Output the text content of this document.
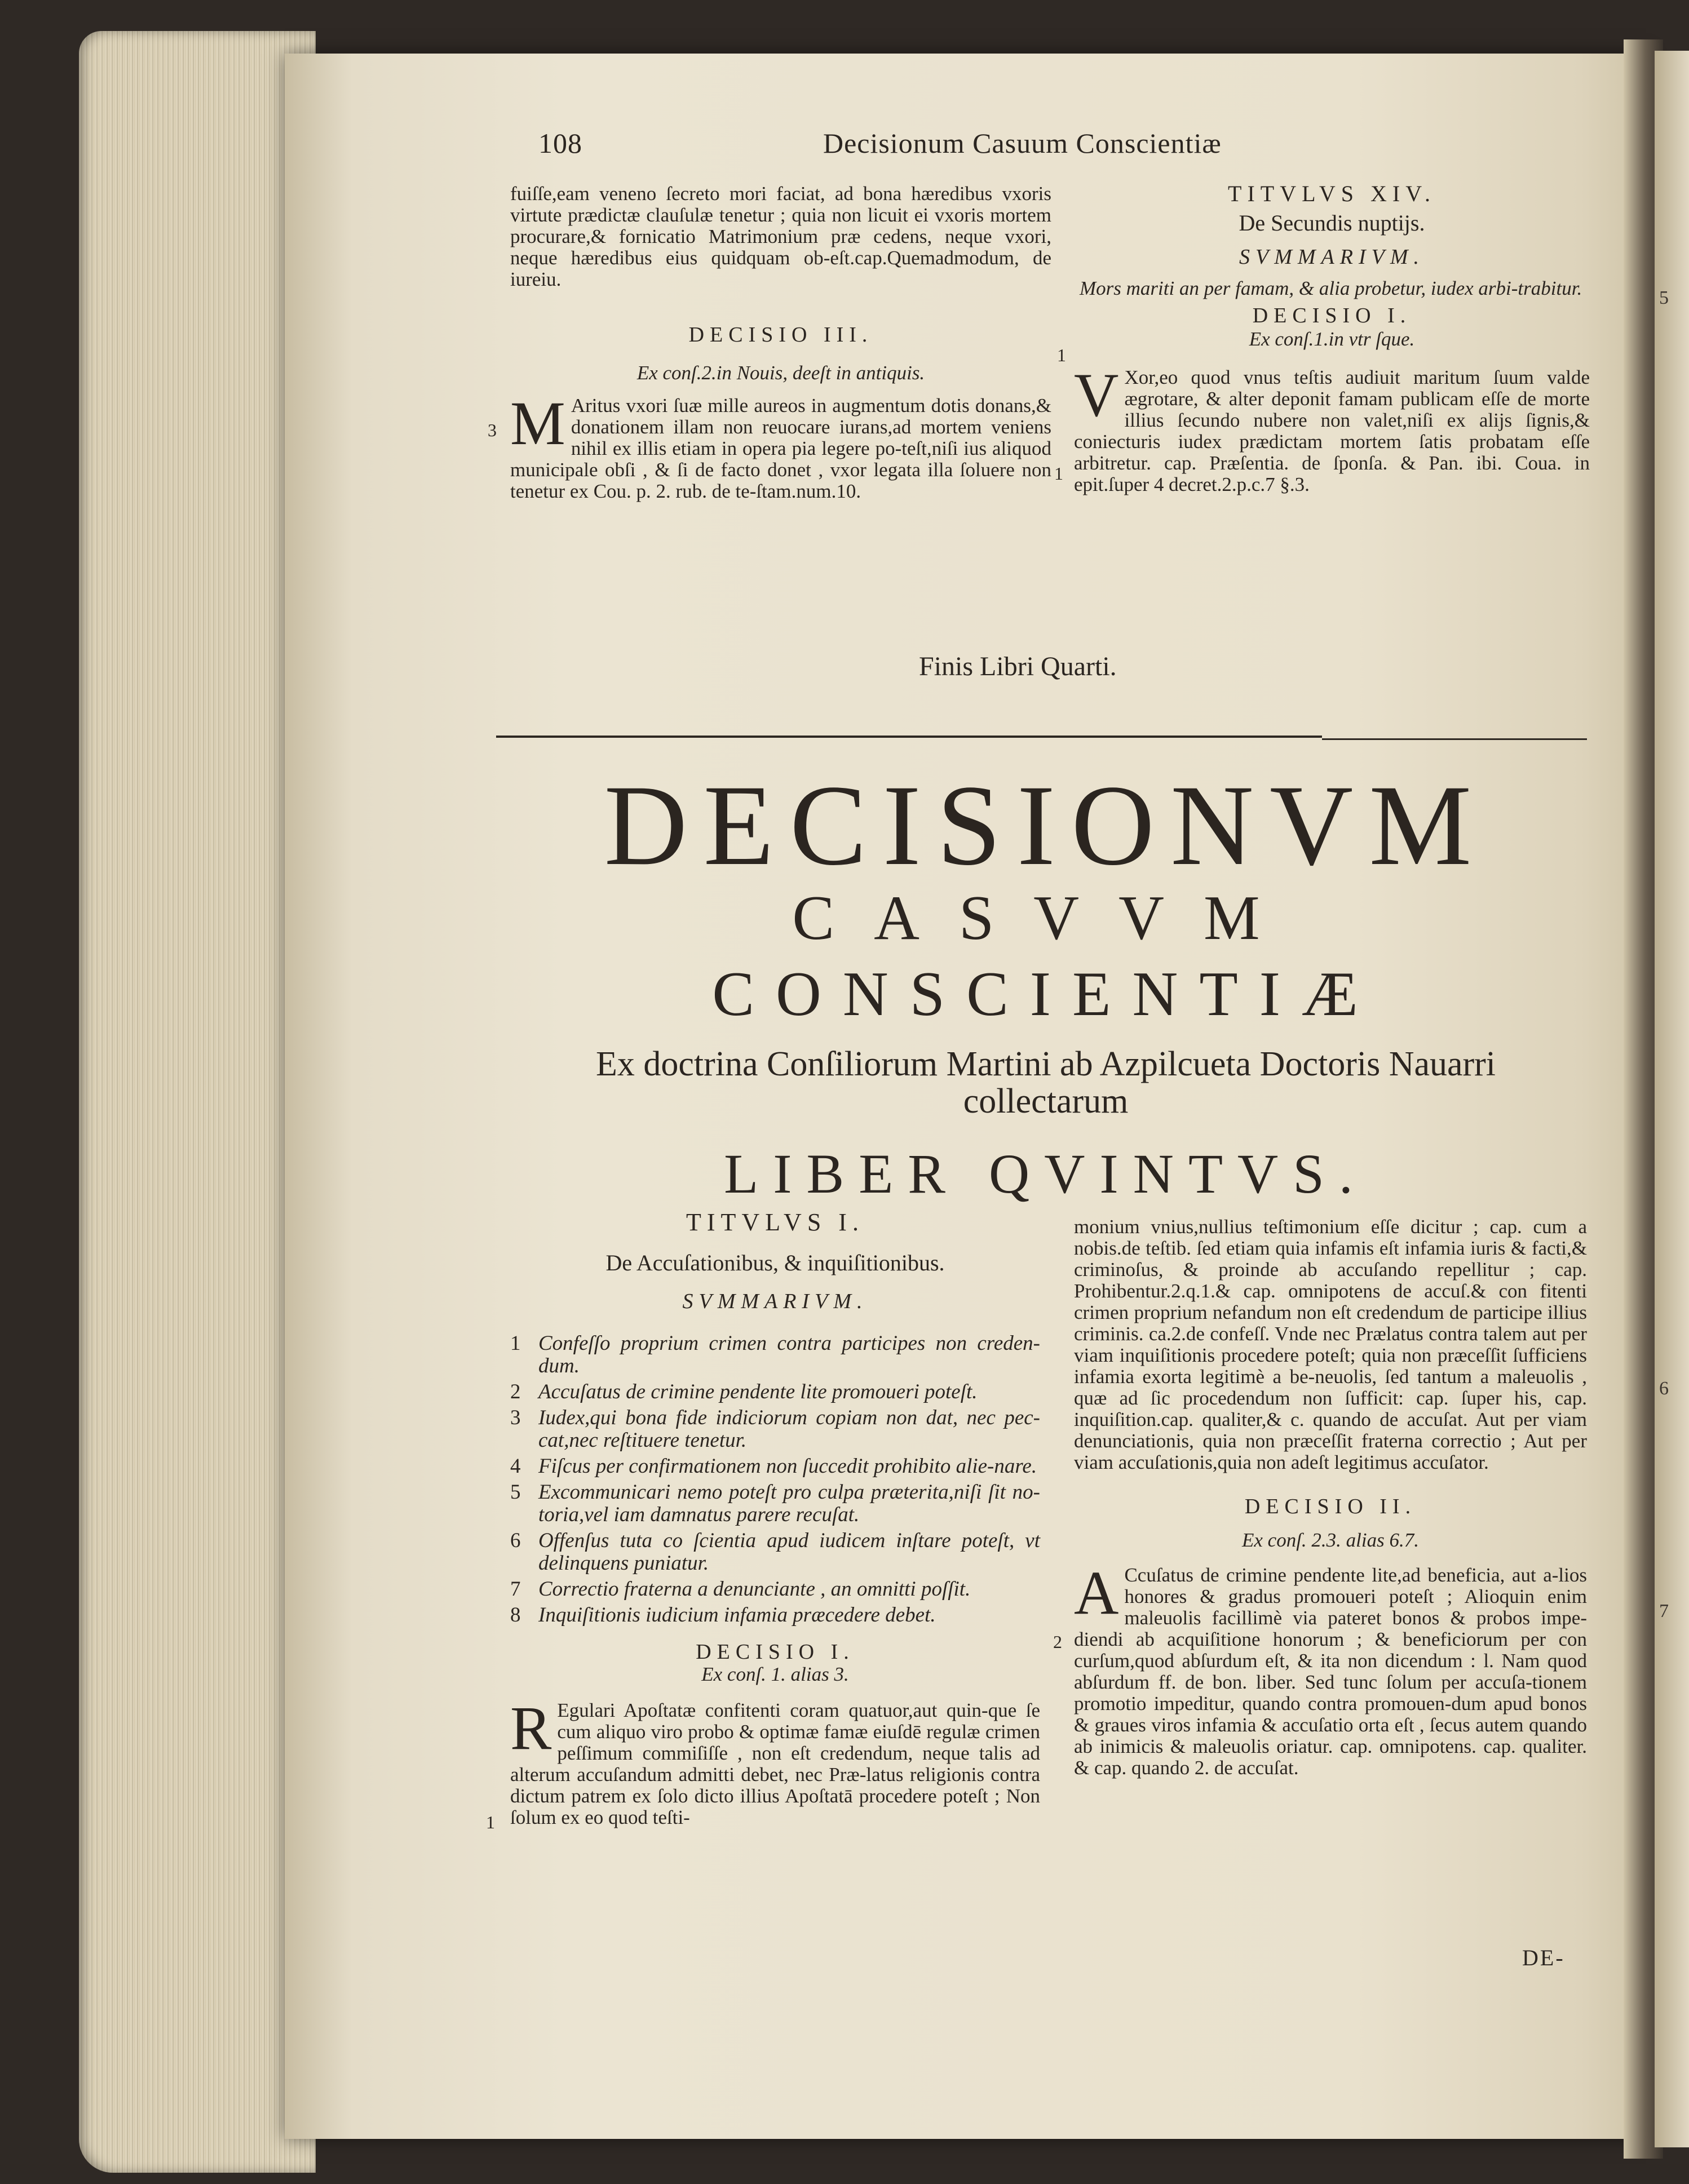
5
6
7
108	Decisionum Casuum Conscientiæ

fuiſſe,eam veneno ſecreto mori faciat, ad bona hæredibus vxoris virtute prædictæ clauſulæ tenetur ; quia non licuit ei vxoris mortem procurare,& fornicatio Matrimonium præ cedens, neque vxori, neque hæredibus eius quidquam ob-eſt.cap.Quemadmodum, de iureiu.

DECISIO III.

Ex conſ.2.in Nouis, deeſt in antiquis.

M Aritus vxori ſuæ mille aureos in augmentum dotis donans,& donationem illam non reuocare iurans,ad mortem veniens nihil ex illis etiam in opera pia legere po-teſt,niſi ius aliquod municipale obſi , & ſi de facto donet , vxor legata illa ſoluere non tenetur ex Cou. p. 2. rub. de te-ſtam.num.10.

3

TITVLVS XIV.

De Secundis nuptijs.

SVMMARIVM.

Mors mariti an per famam, & alia probetur, iudex arbi-trabitur.

DECISIO I.

Ex conſ.1.in vtr ſque.

V Xor,eo quod vnus teſtis audiuit maritum ſuum valde ægrotare, & alter deponit famam publicam eſſe de morte illius ſecundo nubere non valet,niſi ex alijs ſignis,& coniecturis iudex prædictam mortem ſatis probatam eſſe arbitretur. cap. Præſentia. de ſponſa. & Pan. ibi. Coua. in epit.ſuper 4 decret.2.p.c.7 §.3.

1
1
Finis Libri Quarti.
DECISIONVM
CASVVM
CONSCIENTIÆ
Ex doctrina Conſiliorum Martini ab Azpilcueta Doctoris Nauarri
collectarum
LIBER QVINTVS.

TITVLVS I.

De Accuſationibus, & inquiſitionibus.

SVMMARIVM.

1 Confeſſo proprium crimen contra participes non creden-dum.
2 Accuſatus de crimine pendente lite promoueri poteſt.
3 Iudex,qui bona fide indiciorum copiam non dat, nec pec-cat,nec reſtituere tenetur.
4 Fiſcus per confirmationem non ſuccedit prohibito alie-nare.
5 Excommunicari nemo poteſt pro culpa præterita,niſi ſit no-toria,vel iam damnatus parere recuſat.
6 Offenſus tuta co ſcientia apud iudicem inſtare poteſt, vt delinquens puniatur.
7 Correctio fraterna a denunciante , an omnitti poſſit.
8 Inquiſitionis iudicium infamia præcedere debet.

DECISIO I.

Ex conſ. 1. alias 3.

R Egulari Apoſtatæ confitenti coram quatuor,aut quin-que ſe cum aliquo viro probo & optimæ famæ eiuſdē regulæ crimen peſſimum commiſiſſe , non eſt credendum, neque talis ad alterum accuſandum admitti debet, nec Præ-latus religionis contra dictum patrem ex ſolo dicto illius Apoſtatā procedere poteſt ; Non ſolum ex eo quod teſti-

1

monium vnius,nullius teſtimonium eſſe dicitur ; cap. cum a nobis.de teſtib. ſed etiam quia infamis eſt infamia iuris & facti,& criminoſus, & proinde ab accuſando repellitur ; cap. Prohibentur.2.q.1.& cap. omnipotens de accuſ.& con fitenti crimen proprium nefandum non eſt credendum de participe illius criminis. ca.2.de confeſſ. Vnde nec Prælatus contra talem aut per viam inquiſitionis procedere poteſt; quia non præceſſit ſufficiens infamia exorta legitimè a be-neuolis, ſed tantum a maleuolis , quæ ad ſic procedendum non ſufficit: cap. ſuper his, cap. inquiſition.cap. qualiter,& c. quando de accuſat. Aut per viam denunciationis, quia non præceſſit fraterna correctio ; Aut per viam accuſationis,quia non adeſt legitimus accuſator.

DECISIO II.

Ex conſ. 2.3. alias 6.7.

A Ccuſatus de crimine pendente lite,ad beneficia, aut a-lios honores & gradus promoueri poteſt ; Alioquin enim maleuolis facillimè via pateret bonos & probos impe-diendi ab acquiſitione honorum ; & beneficiorum per con curſum,quod abſurdum eſt, & ita non dicendum : l. Nam quod abſurdum ff. de bon. liber. Sed tunc ſolum per accuſa-tionem promotio impeditur, quando contra promouen-dum apud bonos & graues viros infamia & accuſatio orta eſt , ſecus autem quando ab inimicis & maleuolis oriatur. cap. omnipotens. cap. qualiter. & cap. quando 2. de accuſat.

2
DE-
